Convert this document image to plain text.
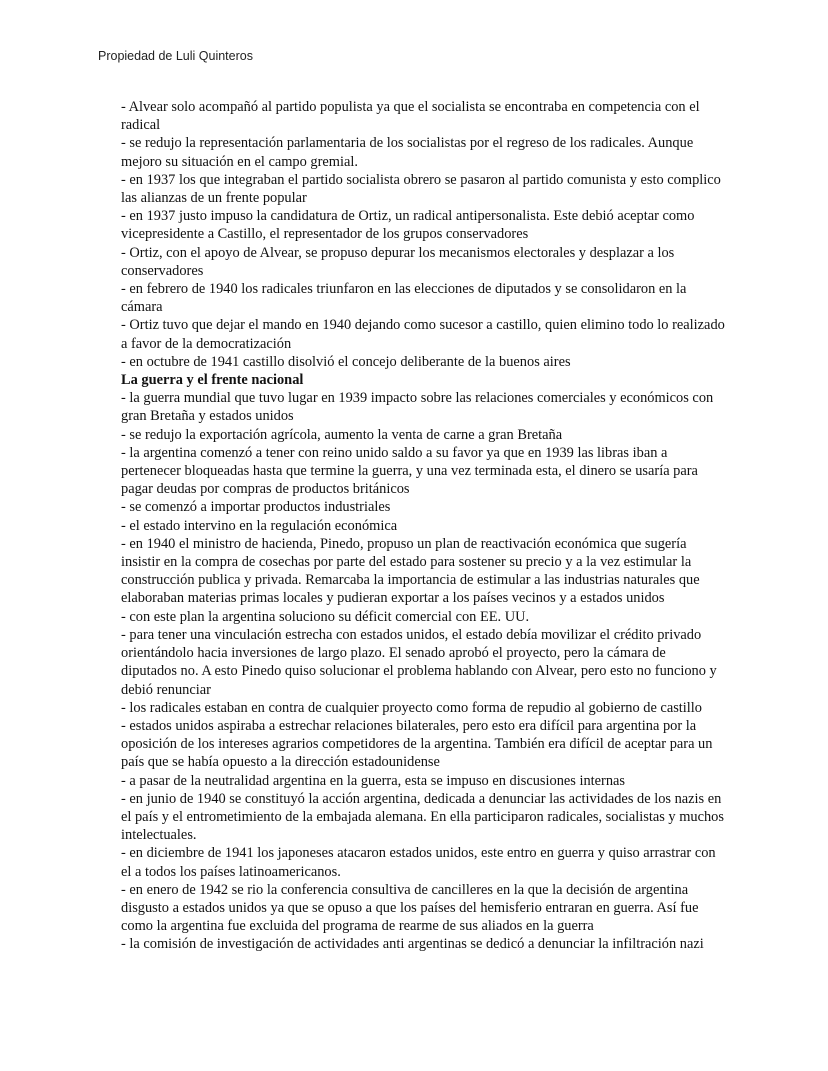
Propiedad de Luli Quinteros

- Alvear solo acompañó al partido populista ya que el socialista se encontraba en competencia con el radical

- se redujo la representación parlamentaria de los socialistas por el regreso de los radicales. Aunque mejoro su situación en el campo gremial.

- en 1937 los que integraban el partido socialista obrero se pasaron al partido comunista y esto complico las alianzas de un frente popular

- en 1937 justo impuso la candidatura de Ortiz, un radical antipersonalista. Este debió aceptar como vicepresidente a Castillo, el representador de los grupos conservadores

- Ortiz, con el apoyo de Alvear, se propuso depurar los mecanismos electorales y desplazar a los conservadores

- en febrero de 1940 los radicales triunfaron en las elecciones de diputados y se consolidaron en la cámara

- Ortiz tuvo que dejar el mando en 1940 dejando como sucesor a castillo, quien elimino todo lo realizado a favor de la democratización

- en octubre de 1941 castillo disolvió el concejo deliberante de la buenos aires

La guerra y el frente nacional

- la guerra mundial que tuvo lugar en 1939 impacto sobre las relaciones comerciales y económicos con gran Bretaña y estados unidos

- se redujo la exportación agrícola, aumento la venta de carne a gran Bretaña

- la argentina comenzó a tener con reino unido saldo a su favor ya que en 1939 las libras iban a pertenecer bloqueadas hasta que termine la guerra, y una vez terminada esta, el dinero se usaría para pagar deudas por compras de productos británicos

- se comenzó a importar productos industriales

- el estado intervino en la regulación económica

- en 1940 el ministro de hacienda, Pinedo, propuso un plan de reactivación económica que sugería insistir en la compra de cosechas por parte del estado para sostener su precio y a la vez estimular la construcción publica y privada. Remarcaba la importancia de estimular a las industrias naturales que elaboraban materias primas locales y pudieran exportar a los países vecinos y a estados unidos

- con este plan la argentina soluciono su déficit comercial con EE. UU.

- para tener una vinculación estrecha con estados unidos, el estado debía movilizar el crédito privado orientándolo hacia inversiones de largo plazo. El senado aprobó el proyecto, pero la cámara de diputados no. A esto Pinedo quiso solucionar el problema hablando con Alvear, pero esto no funciono y debió renunciar

- los radicales estaban en contra de cualquier proyecto como forma de repudio al gobierno de castillo

- estados unidos aspiraba a estrechar relaciones bilaterales, pero esto era difícil para argentina por la oposición de los intereses agrarios competidores de la argentina. También era difícil de aceptar para un país que se había opuesto a la dirección estadounidense

- a pasar de la neutralidad argentina en la guerra, esta se impuso en discusiones internas

- en junio de 1940 se constituyó la acción argentina, dedicada a denunciar las actividades de los nazis en el país y el entrometimiento de la embajada alemana. En ella participaron radicales, socialistas y muchos intelectuales.

- en diciembre de 1941 los japoneses atacaron estados unidos, este entro en guerra y quiso arrastrar con el a todos los países latinoamericanos.

- en enero de 1942 se rio la conferencia consultiva de cancilleres en la que la decisión de argentina disgusto a estados unidos ya que se opuso a que los países del hemisferio entraran en guerra. Así fue como la argentina fue excluida del programa de rearme de sus aliados en la guerra

- la comisión de investigación de actividades anti argentinas se dedicó a denunciar la infiltración nazi
